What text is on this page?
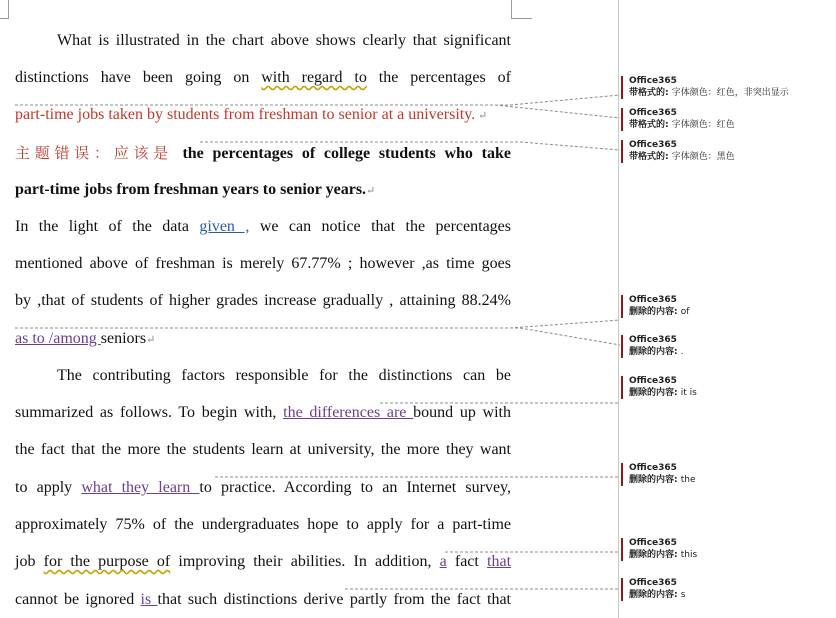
What is illustrated in the chart above shows clearly that significant
distinctions have been going on with regard to the percentages of
part-time jobs taken by students from freshman to senior at a university. ↵
主题错误：应该是 the percentages of college students who take
part-time jobs from freshman years to senior years.↵
In the light of the data given , we can notice that the percentages
mentioned above of freshman is merely 67.77% ; however ,as time goes
by ,that of students of higher grades increase gradually , attaining 88.24%
as to /among seniors↵
The contributing factors responsible for the distinctions can be
summarized as follows. To begin with, the differences are bound up with
the fact that the more the students learn at university, the more they want
to apply what they learn to practice. According to an Internet survey,
approximately 75% of the undergraduates hope to apply for a part-time
job for the purpose of improving their abilities. In addition, a fact that
cannot be ignored is that such distinctions derive partly from the fact that
Office365
带格式的: 字体颜色：红色，非突出显示
Office365
带格式的: 字体颜色：红色
Office365
带格式的: 字体颜色：黑色
Office365
删除的内容: of
Office365
删除的内容: .
Office365
删除的内容: it is
Office365
删除的内容: the
Office365
删除的内容: this
Office365
删除的内容: s
